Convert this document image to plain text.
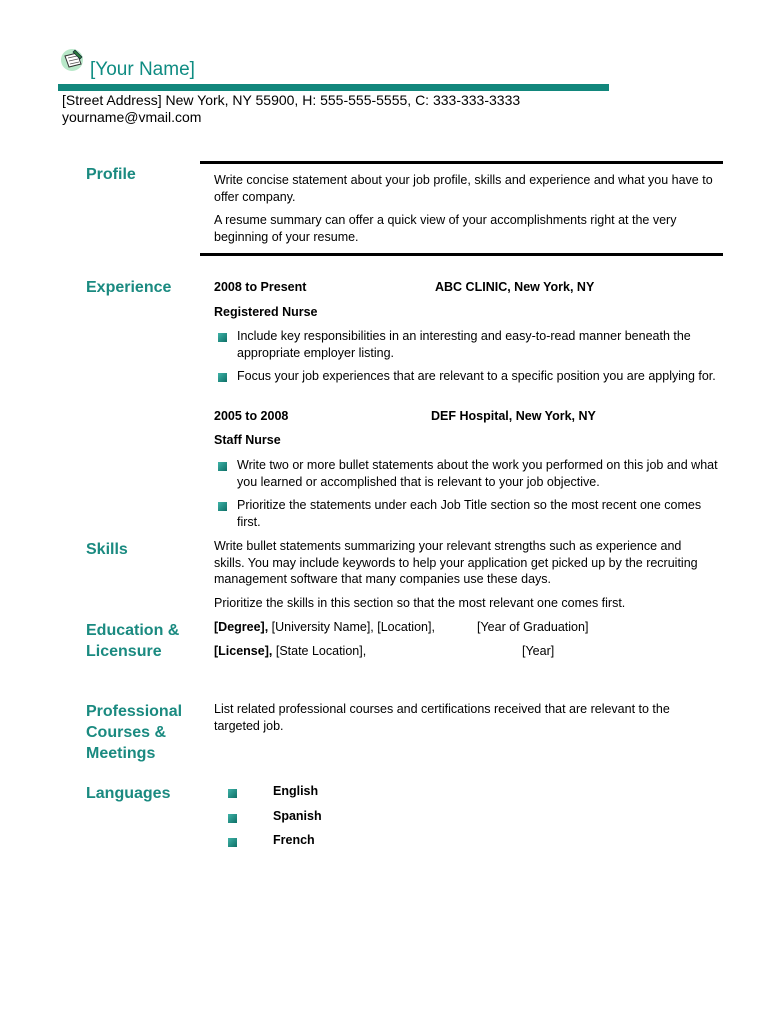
[Your Name]
[Street Address] New York, NY 55900, H: 555-555-5555, C: 333-333-3333
yourname@vmail.com
Profile	Write concise statement about your job profile, skills and experience and what you have to offer company.

A resume summary can offer a quick view of your accomplishments right at the very beginning of your resume.

Experience	2008 to Present	ABC CLINIC, New York, NY
Registered Nurse
Include key responsibilities in an interesting and easy-to-read manner beneath the appropriate employer listing.
Focus your job experiences that are relevant to a specific position you are applying for.
2005 to 2008	DEF Hospital, New York, NY
Staff Nurse
Write two or more bullet statements about the work you performed on this job and what you learned or accomplished that is relevant to your job objective.
Prioritize the statements under each Job Title section so the most recent one comes first.
Skills	Write bullet statements summarizing your relevant strengths such as experience and skills. You may include keywords to help your application get picked up by the recruiting management software that many companies use these days.

Prioritize the skills in this section so that the most relevant one comes first.

Education &
Licensure
[Degree], [University Name], [Location],	[Year of Graduation]
[License], [State Location],	[Year]
Professional
Courses &
Meetings
List related professional courses and certifications received that are relevant to the targeted job.
Languages	English
Spanish
French
